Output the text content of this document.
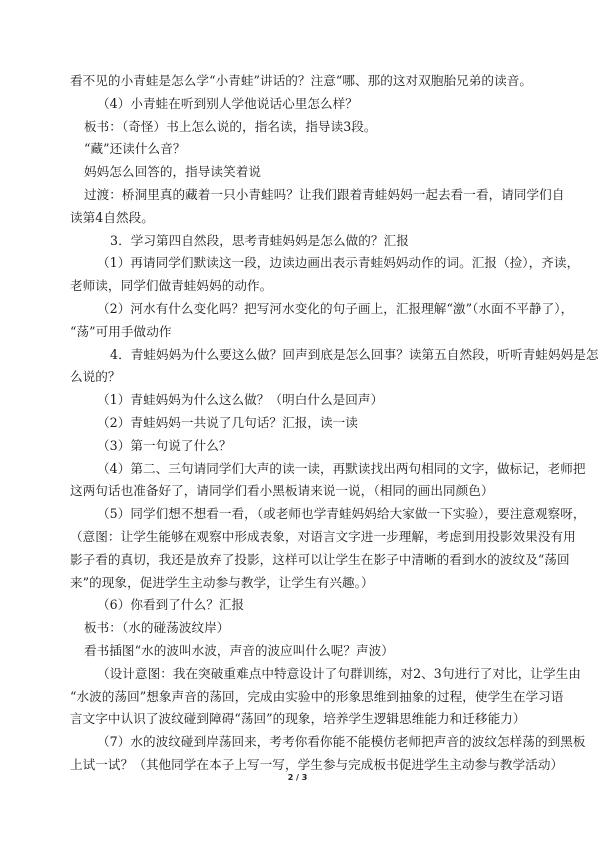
看不见的小青蛙是怎么学“小青蛙”讲话的？注意“哪、那的这对双胞胎兄弟的读音。
（4）小青蛙在听到别人学他说话心里怎么样？
板书：（奇怪）书上怎么说的，指名读，指导读3段。
“藏”还读什么音？
妈妈怎么回答的，指导读笑着说
过渡：桥洞里真的藏着一只小青蛙吗？让我们跟着青蛙妈妈一起去看一看，请同学们自
读第4自然段。
3．学习第四自然段，思考青蛙妈妈是怎么做的？汇报
（1）再请同学们默读这一段，边读边画出表示青蛙妈妈动作的词。汇报（捡），齐读，
老师读，同学们做青蛙妈妈的动作。
（2）河水有什么变化吗？把写河水变化的句子画上，汇报理解“激”（水面不平静了），
“荡”可用手做动作
4．青蛙妈妈为什么要这么做？回声到底是怎么回事？读第五自然段，听听青蛙妈妈是怎
么说的？
（1）青蛙妈妈为什么这么做？（明白什么是回声）
（2）青蛙妈妈一共说了几句话？汇报，读一读
（3）第一句说了什么？
（4）第二、三句请同学们大声的读一读，再默读找出两句相同的文字，做标记，老师把
这两句话也准备好了，请同学们看小黑板请来说一说，（相同的画出同颜色）
（5）同学们想不想看一看，（或老师也学青蛙妈妈给大家做一下实验），要注意观察呀，
（意图：让学生能够在观察中形成表象，对语言文字进一步理解，考虑到用投影效果没有用
影子看的真切，我还是放弃了投影，这样可以让学生在影子中清晰的看到水的波纹及“荡回
来”的现象，促进学生主动参与教学，让学生有兴趣。）
（6）你看到了什么？汇报
板书：（水的碰荡波纹岸）
看书插图“水的波叫水波，声音的波应叫什么呢？声波）
（设计意图：我在突破重难点中特意设计了句群训练，对2、3句进行了对比，让学生由
“水波的荡回”想象声音的荡回，完成由实验中的形象思维到抽象的过程，使学生在学习语
言文字中认识了波纹碰到障碍“荡回”的现象，培养学生逻辑思维能力和迁移能力）
（7）水的波纹碰到岸荡回来，考考你看你能不能模仿老师把声音的波纹怎样荡的到黑板
上试一试？（其他同学在本子上写一写，学生参与完成板书促进学生主动参与教学活动）
2 / 3
